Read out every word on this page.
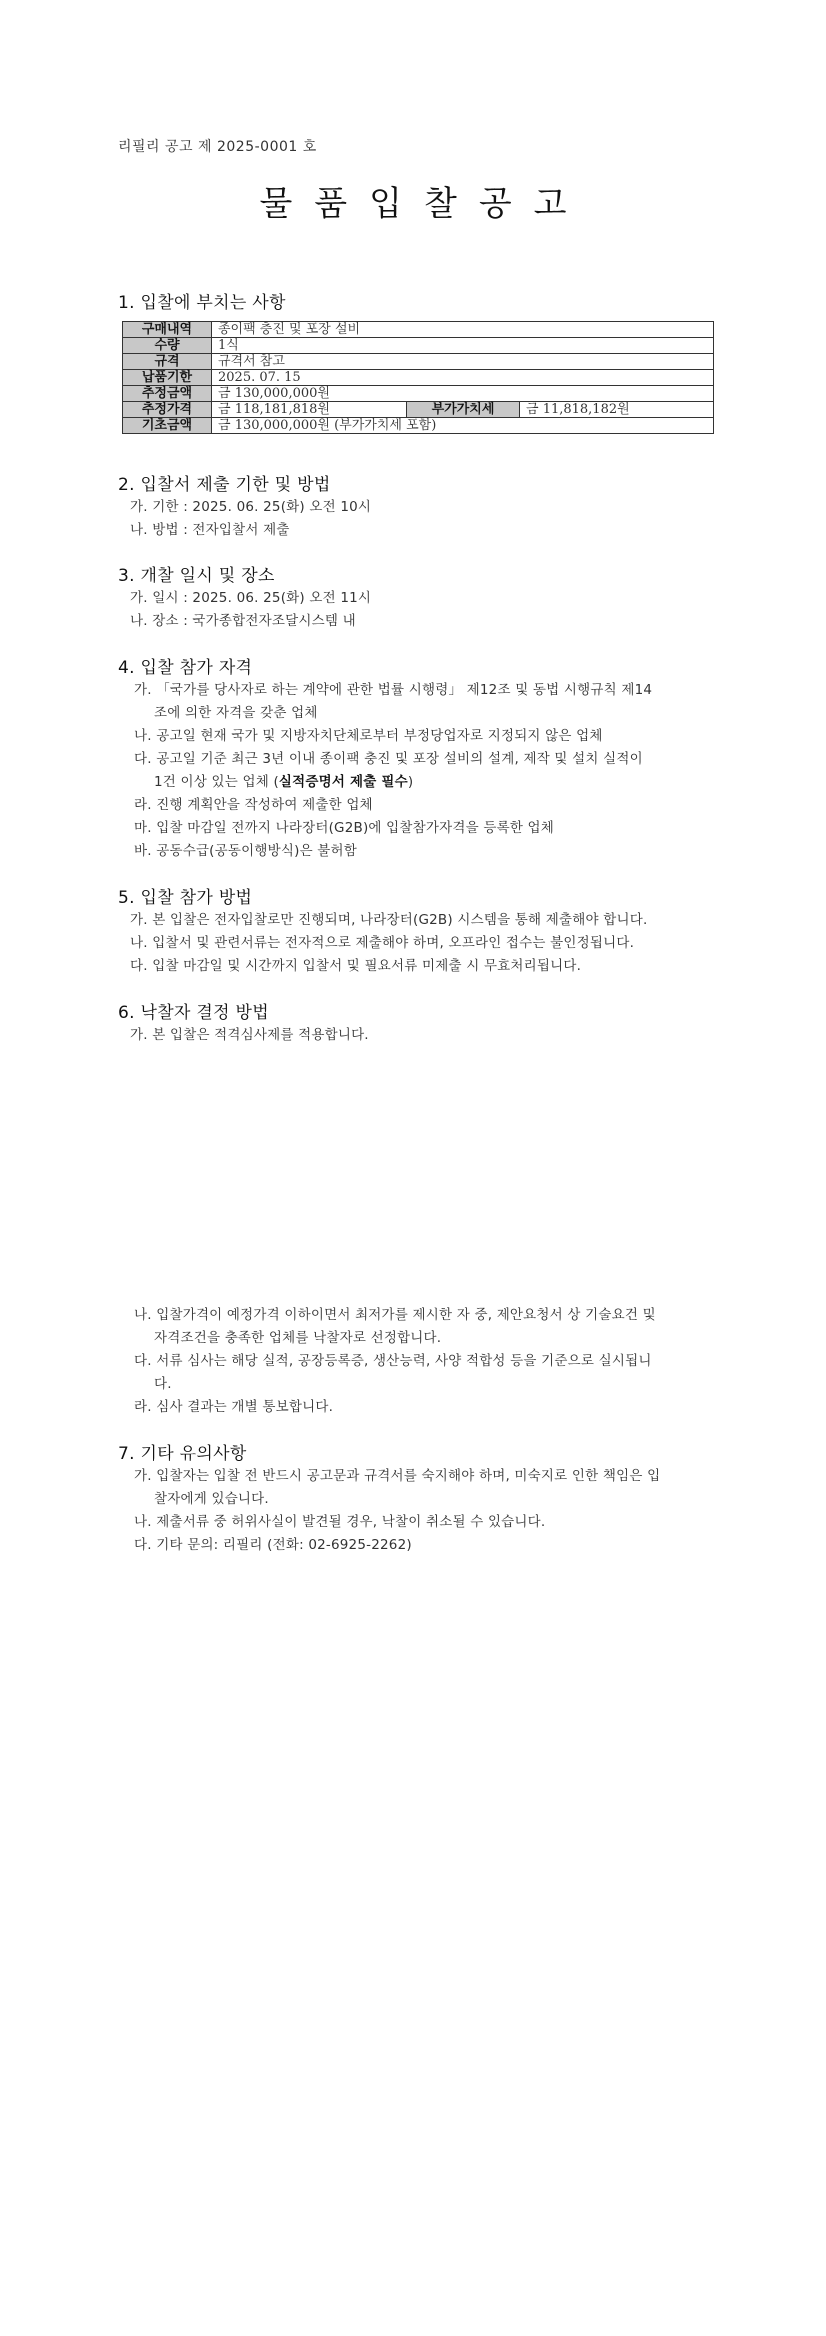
리필리 공고 제 2025-0001 호
물품입찰공고
1. 입찰에 부치는 사항
구매내역	종이팩 충진 및 포장 설비		
수량	1식		
규격	규격서 참고		
납품기한	2025. 07. 15		
추정금액	금 130,000,000원		
추정가격	금 118,181,818원	부가가치세	금 11,818,182원
기초금액	금 130,000,000원 (부가가치세 포함)		
2. 입찰서 제출 기한 및 방법
가. 기한 : 2025. 06. 25(화) 오전 10시
나. 방법 : 전자입찰서 제출
3. 개찰 일시 및 장소
가. 일시 : 2025. 06. 25(화) 오전 11시
나. 장소 : 국가종합전자조달시스템 내
4. 입찰 참가 자격
가. 「국가를 당사자로 하는 계약에 관한 법률 시행령」 제12조 및 동법 시행규칙 제14
조에 의한 자격을 갖춘 업체
나. 공고일 현재 국가 및 지방자치단체로부터 부정당업자로 지정되지 않은 업체
다. 공고일 기준 최근 3년 이내 종이팩 충진 및 포장 설비의 설계, 제작 및 설치 실적이
1건 이상 있는 업체 (실적증명서 제출 필수)
라. 진행 계획안을 작성하여 제출한 업체
마. 입찰 마감일 전까지 나라장터(G2B)에 입찰참가자격을 등록한 업체
바. 공동수급(공동이행방식)은 불허함
5. 입찰 참가 방법
가. 본 입찰은 전자입찰로만 진행되며, 나라장터(G2B) 시스템을 통해 제출해야 합니다.
나. 입찰서 및 관련서류는 전자적으로 제출해야 하며, 오프라인 접수는 불인정됩니다.
다. 입찰 마감일 및 시간까지 입찰서 및 필요서류 미제출 시 무효처리됩니다.
6. 낙찰자 결정 방법
가. 본 입찰은 적격심사제를 적용합니다.
나. 입찰가격이 예정가격 이하이면서 최저가를 제시한 자 중, 제안요청서 상 기술요건 및
자격조건을 충족한 업체를 낙찰자로 선정합니다.
다. 서류 심사는 해당 실적, 공장등록증, 생산능력, 사양 적합성 등을 기준으로 실시됩니
다.
라. 심사 결과는 개별 통보합니다.
7. 기타 유의사항
가. 입찰자는 입찰 전 반드시 공고문과 규격서를 숙지해야 하며, 미숙지로 인한 책임은 입
찰자에게 있습니다.
나. 제출서류 중 허위사실이 발견될 경우, 낙찰이 취소될 수 있습니다.
다. 기타 문의: 리필리 (전화: 02-6925-2262)
